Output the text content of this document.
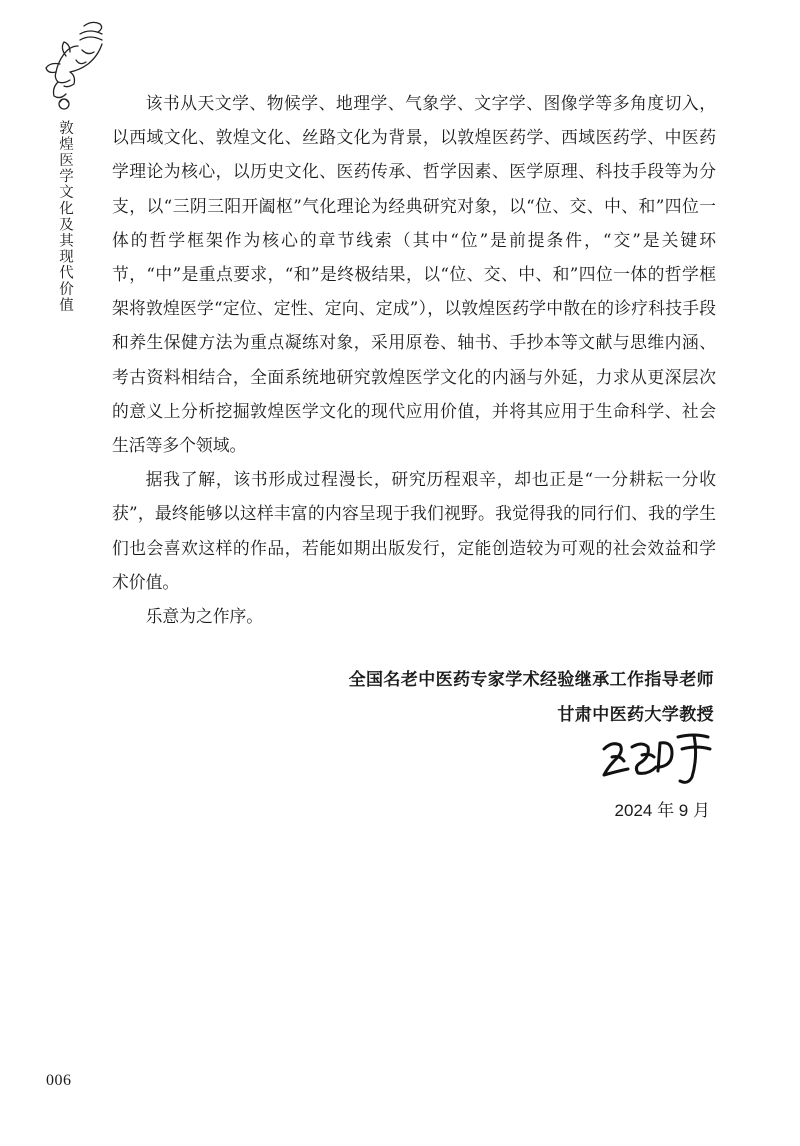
敦煌医学文化及其现代价值

该书从天文学、物候学、地理学、气象学、文字学、图像学等多角度切入，以西域文化、敦煌文化、丝路文化为背景，以敦煌医药学、西域医药学、中医药学理论为核心，以历史文化、医药传承、哲学因素、医学原理、科技手段等为分支，以“三阴三阳开阖枢”气化理论为经典研究对象，以“位、交、中、和”四位一体的哲学框架作为核心的章节线索（其中“位”是前提条件，“交”是关键环节，“中”是重点要求，“和”是终极结果，以“位、交、中、和”四位一体的哲学框架将敦煌医学“定位、定性、定向、定成”），以敦煌医药学中散在的诊疗科技手段和养生保健方法为重点凝练对象，采用原卷、轴书、手抄本等文献与思维内涵、考古资料相结合，全面系统地研究敦煌医学文化的内涵与外延，力求从更深层次的意义上分析挖掘敦煌医学文化的现代应用价值，并将其应用于生命科学、社会生活等多个领域。

据我了解，该书形成过程漫长，研究历程艰辛，却也正是“一分耕耘一分收获”，最终能够以这样丰富的内容呈现于我们视野。我觉得我的同行们、我的学生们也会喜欢这样的作品，若能如期出版发行，定能创造较为可观的社会效益和学术价值。

乐意为之作序。

全国名老中医药专家学术经验继承工作指导老师
甘肃中医药大学教授
2024 年 9 月
006
